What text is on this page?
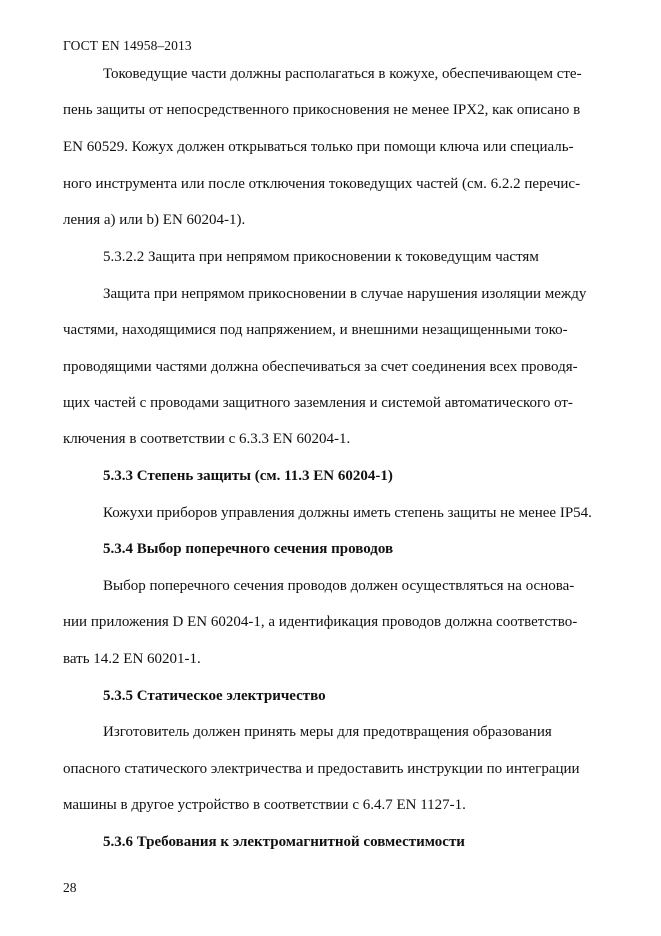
ГОСТ EN 14958–2013
Токоведущие части должны располагаться в кожухе, обеспечивающем сте-
пень защиты от непосредственного прикосновения не менее IPX2, как описано в
EN 60529. Кожух должен открываться только при помощи ключа или специаль-
ного инструмента или после отключения токоведущих частей (см. 6.2.2 перечис-
ления а) или b) EN 60204-1).
5.3.2.2 Защита при непрямом прикосновении к токоведущим частям
Защита при непрямом прикосновении в случае нарушения изоляции между
частями, находящимися под напряжением, и внешними незащищенными токо-
проводящими частями должна обеспечиваться за счет соединения всех проводя-
щих частей с проводами защитного заземления и системой автоматического от-
ключения в соответствии с 6.3.3 EN 60204-1.
5.3.3 Степень защиты (см. 11.3 EN 60204-1)
Кожухи приборов управления должны иметь степень защиты не менее IP54.
5.3.4 Выбор поперечного сечения проводов
Выбор поперечного сечения проводов должен осуществляться на основа-
нии приложения D EN 60204-1, а идентификация проводов должна соответство-
вать 14.2 EN 60201-1.
5.3.5 Статическое электричество
Изготовитель должен принять меры для предотвращения образования
опасного статического электричества и предоставить инструкции по интеграции
машины в другое устройство в соответствии с 6.4.7 EN 1127-1.
5.3.6 Требования к электромагнитной совместимости
28
